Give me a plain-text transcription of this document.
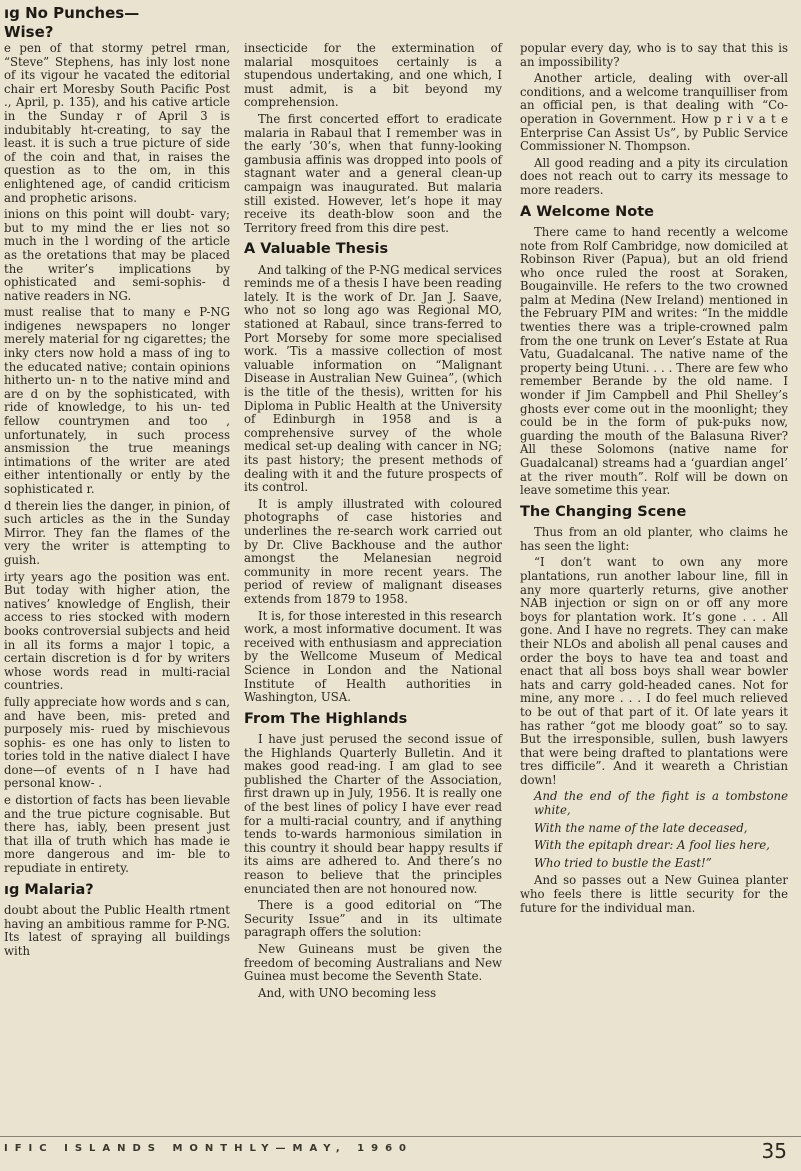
ıg No Punches—
Wise?

e pen of that stormy petrel rman, “Steve” Stephens, has inly lost none of its vigour he vacated the editorial chair ert Moresby South Pacific Post ., April, p. 135), and his cative article in the Sunday r of April 3 is indubitably ht-creating, to say the least. it is such a true picture of side of the coin and that, in raises the question as to the om, in this enlightened age, of candid criticism and prophetic arisons.

inions on this point will doubt- vary; but to my mind the er lies not so much in the l wording of the article as the oretations that may be placed the writer’s implications by ophisticated and semi-sophis- d native readers in NG.

must realise that to many e P-NG indigenes newspapers no longer merely material for ng cigarettes; the inky cters now hold a mass of ing to the educated native; contain opinions hitherto un- n to the native mind and are d on by the sophisticated, with ride of knowledge, to his un- ted fellow countrymen and too , unfortunately, in such process ansmission the true meanings intimations of the writer are ated either intentionally or ently by the sophisticated r.

d therein lies the danger, in pinion, of such articles as the in the Sunday Mirror. They fan the flames of the very the writer is attempting to guish.

irty years ago the position was ent. But today with higher ation, the natives’ knowledge of English, their access to ries stocked with modern books controversial subjects and heid in all its forms a major l topic, a certain discretion is d for by writers whose words read in multi-racial countries.

fully appreciate how words and s can, and have been, mis- preted and purposely mis- rued by mischievous sophis- es one has only to listen to tories told in the native dialect I have done—of events of n I have had personal know- .

e distortion of facts has been lievable and the true picture cognisable. But there has, iably, been present just that illa of truth which has made ie more dangerous and im- ble to repudiate in entirety.

ıg Malaria?

doubt about the Public Health rtment having an ambitious ramme for P-NG. Its latest of spraying all buildings with

insecticide for the extermination of malarial mosquitoes certainly is a stupendous undertaking, and one which, I must admit, is a bit beyond my comprehension.

The first concerted effort to eradicate malaria in Rabaul that I remember was in the early ’30’s, when that funny-looking gambusia affinis was dropped into pools of stagnant water and a general clean-up campaign was inaugurated. But malaria still existed. However, let’s hope it may receive its death-blow soon and the Territory freed from this dire pest.

A Valuable Thesis

And talking of the P-NG medical services reminds me of a thesis I have been reading lately. It is the work of Dr. Jan J. Saave, who not so long ago was Regional MO, stationed at Rabaul, since trans-ferred to Port Morseby for some more specialised work. ’Tis a massive collection of most valuable information on “Malignant Disease in Australian New Guinea”, (which is the title of the thesis), written for his Diploma in Public Health at the University of Edinburgh in 1958 and is a comprehensive survey of the whole medical set-up dealing with cancer in NG; its past history; the present methods of dealing with it and the future prospects of its control.

It is amply illustrated with coloured photographs of case histories and underlines the re-search work carried out by Dr. Clive Backhouse and the author amongst the Melanesian negroid community in more recent years. The period of review of malignant diseases extends from 1879 to 1958.

It is, for those interested in this research work, a most informative document. It was received with enthusiasm and appreciation by the Wellcome Museum of Medical Science in London and the National Institute of Health authorities in Washington, USA.

From The Highlands

I have just perused the second issue of the Highlands Quarterly Bulletin. And it makes good read-ing. I am glad to see published the Charter of the Association, first drawn up in July, 1956. It is really one of the best lines of policy I have ever read for a multi-racial country, and if anything tends to-wards harmonious similation in this country it should bear happy results if its aims are adhered to. And there’s no reason to believe that the principles enunciated then are not honoured now.

There is a good editorial on “The Security Issue” and in its ultimate paragraph offers the solution:

New Guineans must be given the freedom of becoming Australians and New Guinea must become the Seventh State.

And, with UNO becoming less

popular every day, who is to say that this is an impossibility?

Another article, dealing with over-all conditions, and a welcome tranquilliser from an official pen, is that dealing with “Co-operation in Government. How p r i v a t e Enterprise Can Assist Us”, by Public Service Commissioner N. Thompson.

All good reading and a pity its circulation does not reach out to carry its message to more readers.

A Welcome Note

There came to hand recently a welcome note from Rolf Cambridge, now domiciled at Robinson River (Papua), but an old friend who once ruled the roost at Soraken, Bougainville. He refers to the two crowned palm at Medina (New Ireland) mentioned in the February PIM and writes: “In the middle twenties there was a triple-crowned palm from the one trunk on Lever’s Estate at Rua Vatu, Guadalcanal. The native name of the property being Utuni. . . . There are few who remember Berande by the old name. I wonder if Jim Campbell and Phil Shelley’s ghosts ever come out in the moonlight; they could be in the form of puk-puks now, guarding the mouth of the Balasuna River? All these Solomons (native name for Guadalcanal) streams had a ‘guardian angel’ at the river mouth”. Rolf will be down on leave sometime this year.

The Changing Scene

Thus from an old planter, who claims he has seen the light:

“I don’t want to own any more plantations, run another labour line, fill in any more quarterly returns, give another NAB injection or sign on or off any more boys for plantation work. It’s gone . . . All gone. And I have no regrets. They can make their NLOs and abolish all penal causes and order the boys to have tea and toast and enact that all boss boys shall wear bowler hats and carry gold-headed canes. Not for mine, any more . . . I do feel much relieved to be out of that part of it. Of late years it has rather “got me bloody goat” so to say. But the irresponsible, sullen, bush lawyers that were being drafted to plantations were tres difficile”. And it weareth a Christian down!

And the end of the fight is a tombstone white,

With the name of the late deceased,

With the epitaph drear: A fool lies here,

Who tried to bustle the East!”

And so passes out a New Guinea planter who feels there is little security for the future for the individual man.

IFIC ISLANDS MONTHLY—MAY, 1960	35
